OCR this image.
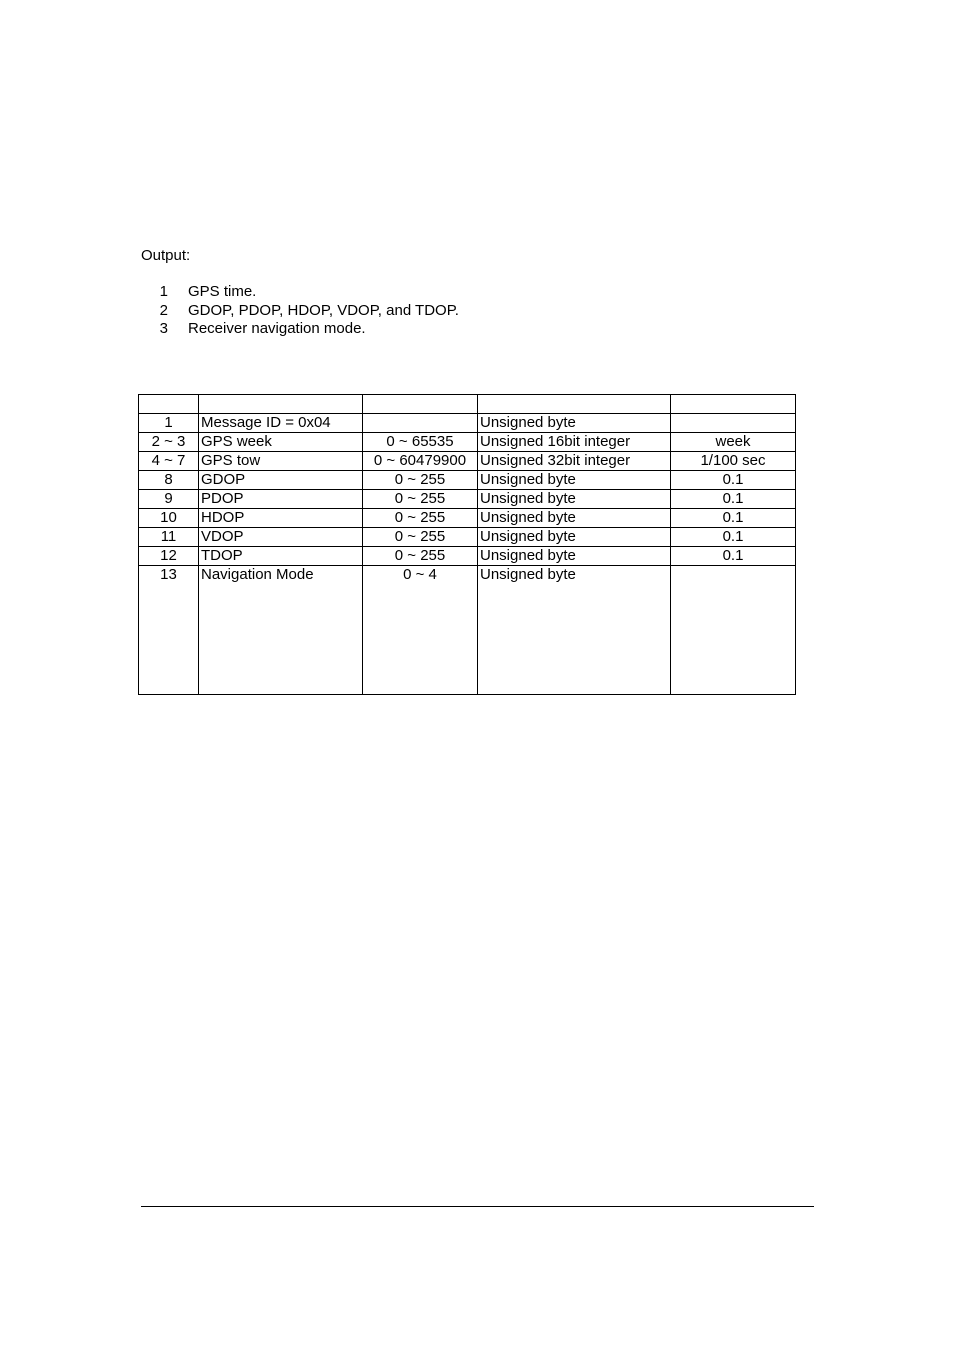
Output:
1 GPS time.
2 GDOP, PDOP, HDOP, VDOP, and TDOP.
3 Receiver navigation mode.

1	Message ID = 0x04		Unsigned byte	
2 ~ 3	GPS week	0 ~ 65535	Unsigned 16bit integer	week
4 ~ 7	GPS tow	0 ~ 60479900	Unsigned 32bit integer	1/100 sec
8	GDOP	0 ~ 255	Unsigned byte	0.1
9	PDOP	0 ~ 255	Unsigned byte	0.1
10	HDOP	0 ~ 255	Unsigned byte	0.1
11	VDOP	0 ~ 255	Unsigned byte	0.1
12	TDOP	0 ~ 255	Unsigned byte	0.1
13	Navigation Mode	0 ~ 4	Unsigned byte	
